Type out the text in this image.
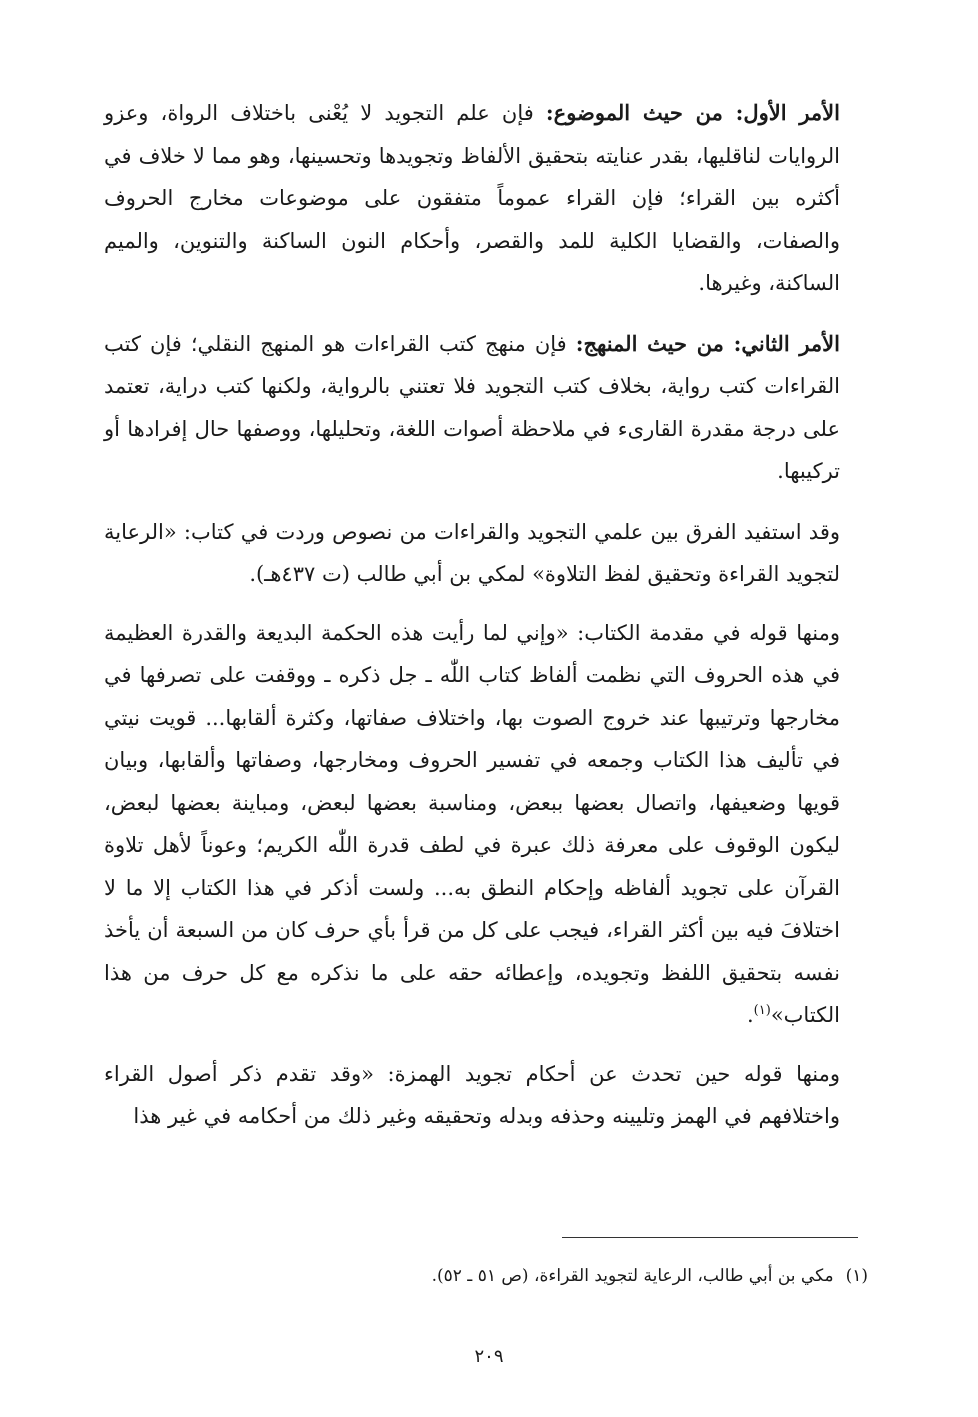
الأمر الأول: من حيث الموضوع: فإن علم التجويد لا يُعْنى باختلاف الرواة، وعزو الروايات لناقليها، بقدر عنايته بتحقيق الألفاظ وتجويدها وتحسينها، وهو مما لا خلاف في أكثره بين القراء؛ فإن القراء عموماً متفقون على موضوعات مخارج الحروف والصفات، والقضايا الكلية للمد والقصر، وأحكام النون الساكنة والتنوين، والميم الساكنة، وغيرها.

الأمر الثاني: من حيث المنهج: فإن منهج كتب القراءات هو المنهج النقلي؛ فإن كتب القراءات كتب رواية، بخلاف كتب التجويد فلا تعتني بالرواية، ولكنها كتب دراية، تعتمد على درجة مقدرة القارىء في ملاحظة أصوات اللغة، وتحليلها، ووصفها حال إفرادها أو تركيبها.

وقد استفيد الفرق بين علمي التجويد والقراءات من نصوص وردت في كتاب: «الرعاية لتجويد القراءة وتحقيق لفظ التلاوة» لمكي بن أبي طالب (ت ٤٣٧هـ).

ومنها قوله في مقدمة الكتاب: «وإني لما رأيت هذه الحكمة البديعة والقدرة العظيمة في هذه الحروف التي نظمت ألفاظ كتاب اللّٰه ـ جل ذكره ـ ووقفت على تصرفها في مخارجها وترتيبها عند خروج الصوت بها، واختلاف صفاتها، وكثرة ألقابها... قويت نيتي في تأليف هذا الكتاب وجمعه في تفسير الحروف ومخارجها، وصفاتها وألقابها، وبيان قويها وضعيفها، واتصال بعضها ببعض، ومناسبة بعضها لبعض، ومباينة بعضها لبعض، ليكون الوقوف على معرفة ذلك عبرة في لطف قدرة اللّٰه الكريم؛ وعوناً لأهل تلاوة القرآن على تجويد ألفاظه وإحكام النطق به... ولست أذكر في هذا الكتاب إلا ما لا اختلافَ فيه بين أكثر القراء، فيجب على كل من قرأ بأي حرف كان من السبعة أن يأخذ نفسه بتحقيق اللفظ وتجويده، وإعطائه حقه على ما نذكره مع كل حرف من هذا الكتاب»$^{(١)}$.

ومنها قوله حين تحدث عن أحكام تجويد الهمزة: «وقد تقدم ذكر أصول القراء واختلافهم في الهمز وتليينه وحذفه وبدله وتحقيقه وغير ذلك من أحكامه في غير هذا

(١)مكي بن أبي طالب، الرعاية لتجويد القراءة، (ص ٥١ ـ ٥٢).
٢٠٩
